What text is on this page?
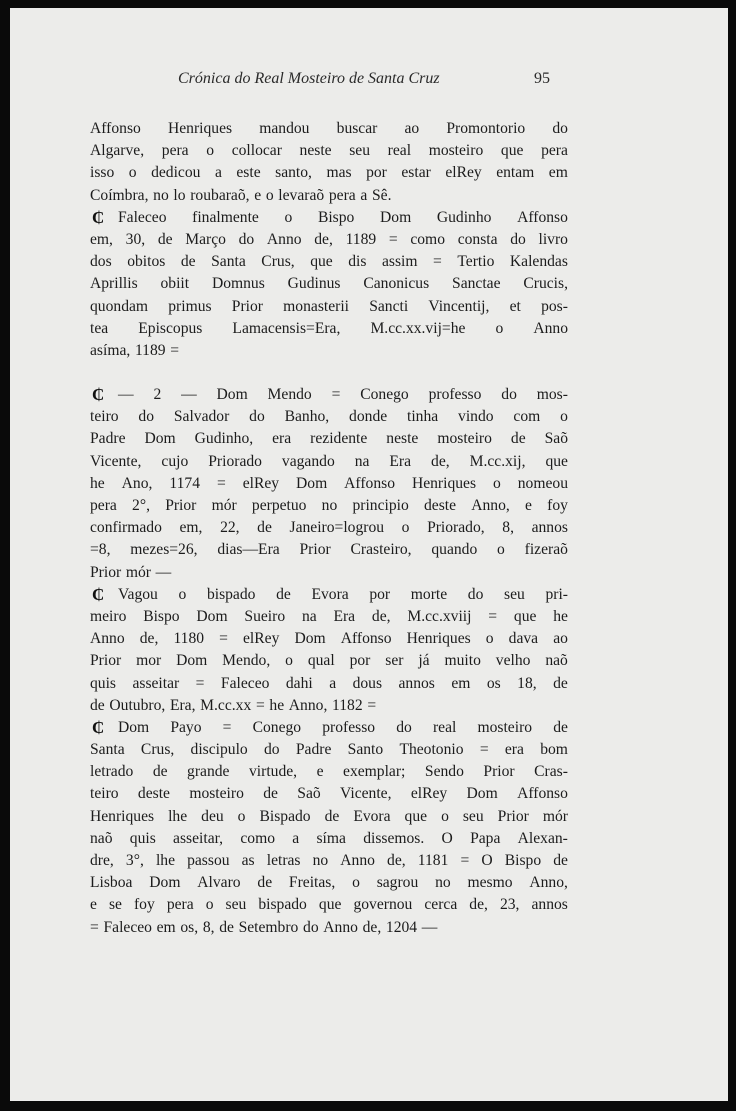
Crónica do Real Mosteiro de Santa Cruz	95
Affonso Henriques mandou buscar ao Promontorio do
Algarve, pera o collocar neste seu real mosteiro que pera
isso o dedicou a este santo, mas por estar elRey entam em
Coímbra, no lo roubaraõ, e o levaraõ pera a Sê.
₵ Faleceo finalmente o Bispo Dom Gudinho Affonso
em, 30, de Março do Anno de, 1189 = como consta do livro
dos obitos de Santa Crus, que dis assim = Tertio Kalendas
Aprillis obiit Domnus Gudinus Canonicus Sanctae Crucis,
quondam primus Prior monasterii Sancti Vincentij, et pos-
tea Episcopus Lamacensis=Era, M.cc.xx.vij=he o Anno
asíma, 1189 =
₵ — 2 — Dom Mendo = Conego professo do mos-
teiro do Salvador do Banho, donde tinha vindo com o
Padre Dom Gudinho, era rezidente neste mosteiro de Saõ
Vicente, cujo Priorado vagando na Era de, M.cc.xij, que
he Ano, 1174 = elRey Dom Affonso Henriques o nomeou
pera 2°, Prior mór perpetuo no principio deste Anno, e foy
confirmado em, 22, de Janeiro=logrou o Priorado, 8, annos
=8, mezes=26, dias—Era Prior Crasteiro, quando o fizeraõ
Prior mór —
₵ Vagou o bispado de Evora por morte do seu pri-
meiro Bispo Dom Sueiro na Era de, M.cc.xviij = que he
Anno de, 1180 = elRey Dom Affonso Henriques o dava ao
Prior mor Dom Mendo, o qual por ser já muito velho naõ
quis asseitar = Faleceo dahi a dous annos em os 18, de
de Outubro, Era, M.cc.xx = he Anno, 1182 =
₵ Dom Payo = Conego professo do real mosteiro de
Santa Crus, discipulo do Padre Santo Theotonio = era bom
letrado de grande virtude, e exemplar; Sendo Prior Cras-
teiro deste mosteiro de Saõ Vicente, elRey Dom Affonso
Henriques lhe deu o Bispado de Evora que o seu Prior mór
naõ quis asseitar, como a síma dissemos. O Papa Alexan-
dre, 3°, lhe passou as letras no Anno de, 1181 = O Bispo de
Lisboa Dom Alvaro de Freitas, o sagrou no mesmo Anno,
e se foy pera o seu bispado que governou cerca de, 23, annos
= Faleceo em os, 8, de Setembro do Anno de, 1204 —
